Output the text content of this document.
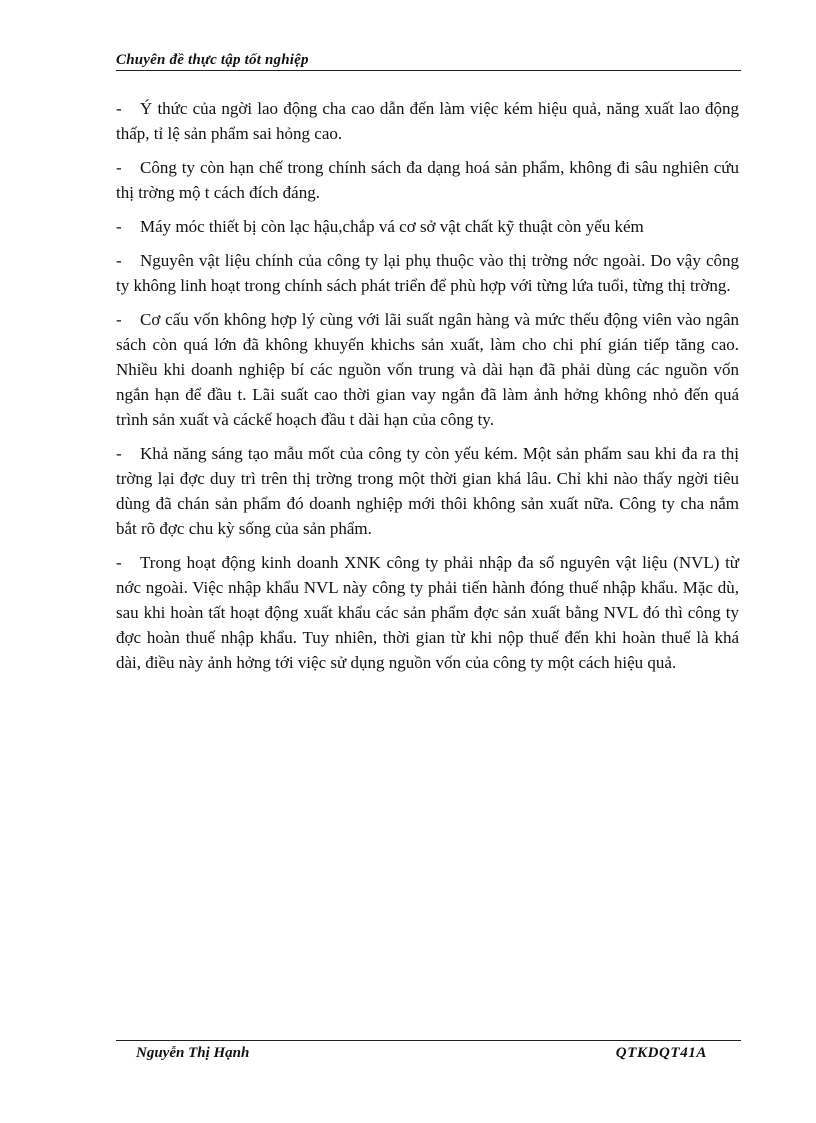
Chuyên đề thực tập tốt nghiệp

- Ý thức của ngời lao động cha cao dẫn đến làm việc kém hiệu quả, năng xuất lao động thấp, tỉ lệ sản phẩm sai hỏng cao.

- Công ty còn hạn chế trong chính sách đa dạng hoá sản phẩm, không đi sâu nghiên cứu thị trờng mộ t cách đích đáng.

- Máy móc thiết bị còn lạc hậu,chắp vá cơ sở vật chất kỹ thuật còn yếu kém

- Nguyên vật liệu chính của công ty lại phụ thuộc vào thị trờng nớc ngoài. Do vậy công ty không linh hoạt trong chính sách phát triển để phù hợp với từng lứa tuổi, từng thị trờng.

- Cơ cấu vốn không hợp lý cùng với lãi suất ngân hàng và mức thếu động viên vào ngân sách còn quá lớn đã không khuyến khichs sản xuất, làm cho chi phí gián tiếp tăng cao. Nhiều khi doanh nghiệp bí các nguồn vốn trung và dài hạn đã phải dùng các nguồn vốn ngắn hạn để đầu t. Lãi suất cao thời gian vay ngắn đã làm ảnh hởng không nhỏ đến quá trình sản xuất và cáckế hoạch đầu t dài hạn của công ty.

- Khả năng sáng tạo mẫu mốt của công ty còn yếu kém. Một sản phẩm sau khi đa ra thị trờng lại đợc duy trì trên thị trờng trong một thời gian khá lâu. Chỉ khi nào thấy ngời tiêu dùng đã chán sản phẩm đó doanh nghiệp mới thôi không sản xuất nữa. Công ty cha nắm bắt rõ đợc chu kỳ sống của sản phẩm.

- Trong hoạt động kinh doanh XNK công ty phải nhập đa số nguyên vật liệu (NVL) từ nớc ngoài. Việc nhập khẩu NVL này công ty phải tiến hành đóng thuế nhập khẩu. Mặc dù, sau khi hoàn tất hoạt động xuất khẩu các sản phẩm đợc sản xuất bằng NVL đó thì công ty đợc hoàn thuế nhập khẩu. Tuy nhiên, thời gian từ khi nộp thuế đến khi hoàn thuế là khá dài, điều này ảnh hởng tới việc sử dụng nguồn vốn của công ty một cách hiệu quả.

Nguyễn Thị Hạnh	QTKDQT41A
